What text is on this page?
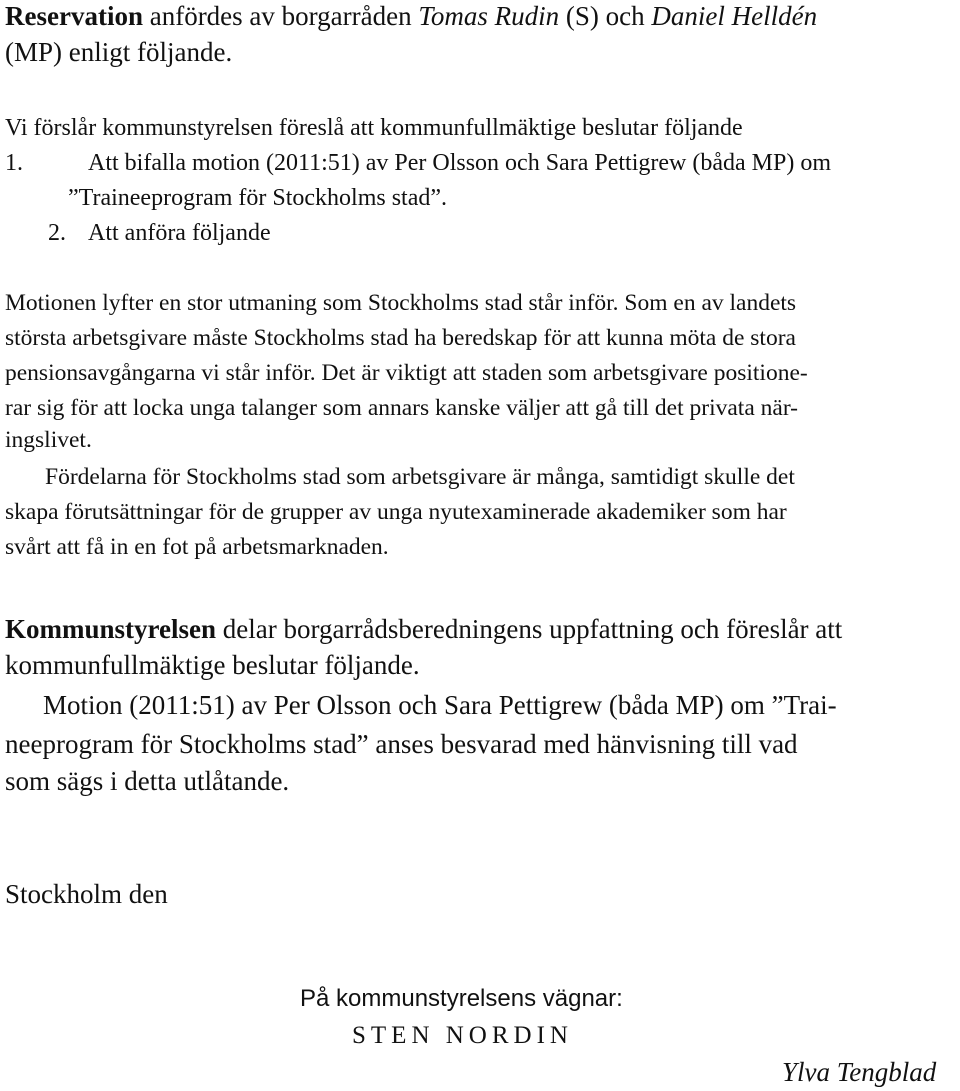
Reservation anfördes av borgarråden Tomas Rudin (S) och Daniel Helldén
(MP) enligt följande.
Vi förslår kommunstyrelsen föreslå att kommunfullmäktige beslutar följande
1.	Att bifalla motion (2011:51) av Per Olsson och Sara Pettigrew (båda MP) om
”Traineeprogram för Stockholms stad”.
2. Att anföra följande
Motionen lyfter en stor utmaning som Stockholms stad står inför. Som en av landets
största arbetsgivare måste Stockholms stad ha beredskap för att kunna möta de stora
pensionsavgångarna vi står inför. Det är viktigt att staden som arbetsgivare positione-
rar sig för att locka unga talanger som annars kanske väljer att gå till det privata när-
ingslivet.
Fördelarna för Stockholms stad som arbetsgivare är många, samtidigt skulle det
skapa förutsättningar för de grupper av unga nyutexaminerade akademiker som har
svårt att få in en fot på arbetsmarknaden.
Kommunstyrelsen delar borgarrådsberedningens uppfattning och föreslår att
kommunfullmäktige beslutar följande.
Motion (2011:51) av Per Olsson och Sara Pettigrew (båda MP) om ”Trai-
neeprogram för Stockholms stad” anses besvarad med hänvisning till vad
som sägs i detta utlåtande.
Stockholm den
På kommunstyrelsens vägnar:
STEN NORDIN
Ylva Tengblad
